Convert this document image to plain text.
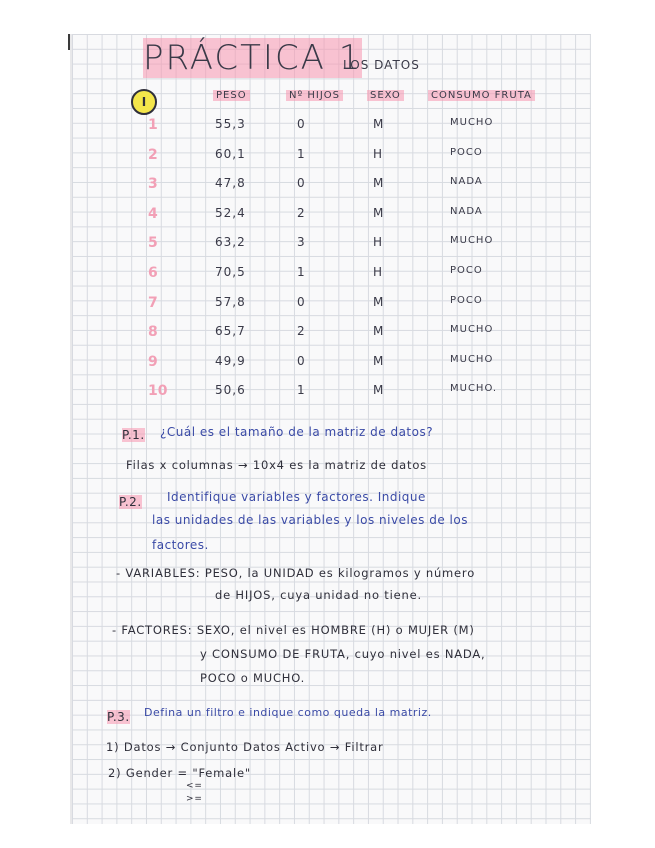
PRÁCTICA 1
LOS DATOS
I	PESO	Nº HIJOS	SEXO	CONSUMO FRUTA
1	55,3	0	M	MUCHO
2	60,1	1	H	POCO
3	47,8	0	M	NADA
4	52,4	2	M	NADA
5	63,2	3	H	MUCHO
6	70,5	1	H	POCO
7	57,8	0	M	POCO
8	65,7	2	M	MUCHO
9	49,9	0	M	MUCHO
10	50,6	1	M	MUCHO.
P.1. ¿Cuál es el tamaño de la matriz de datos?
Filas x columnas → 10x4 es la matriz de datos
P.2. Identifique variables y factores. Indique
las unidades de las variables y los niveles de los
factores.
- VARIABLES: PESO, la UNIDAD es kilogramos y número
de HIJOS, cuya unidad no tiene.
- FACTORES: SEXO, el nivel es HOMBRE (H) o MUJER (M)
y CONSUMO DE FRUTA, cuyo nivel es NADA,
POCO o MUCHO.
P.3. Defina un filtro e indique como queda la matriz.
1) Datos → Conjunto Datos Activo → Filtrar
2) Gender = "Female"
<=
>=
